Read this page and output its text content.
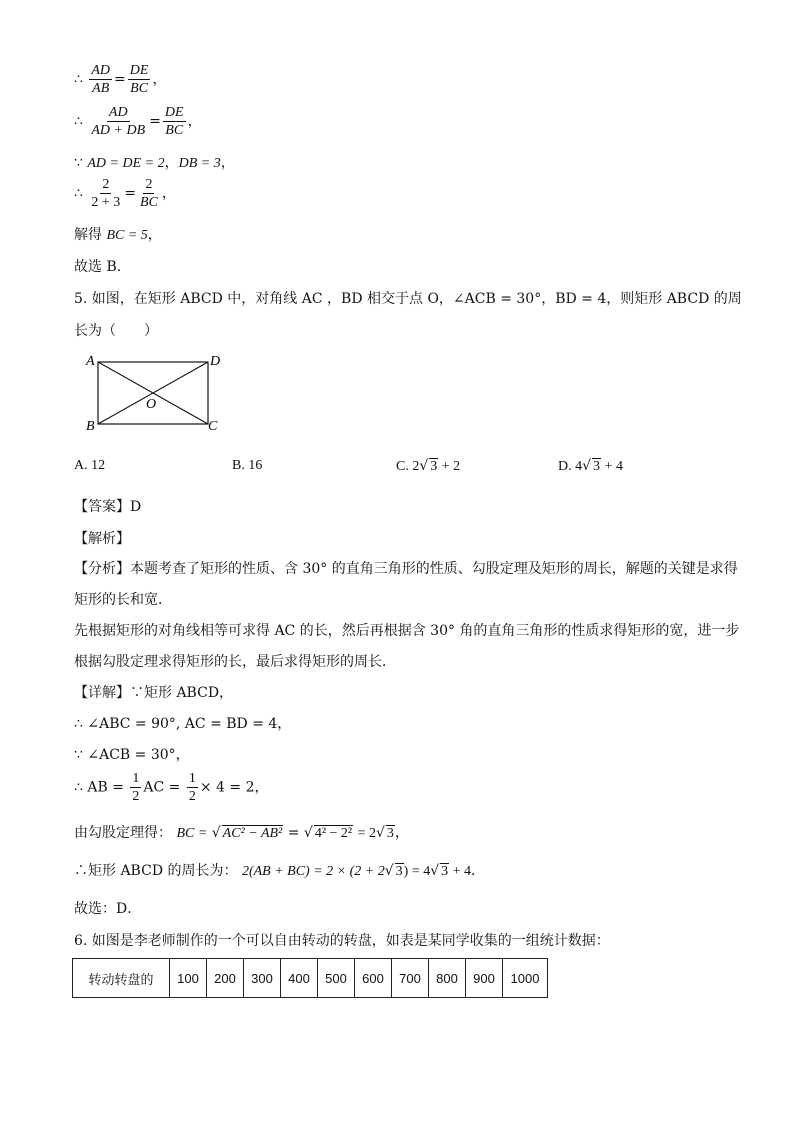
∴ $\frac{AD}{AB} = \frac{DE}{BC}$ ，
∴ $\frac{AD}{AD + DB} = \frac{DE}{BC}$ ，
∵ AD = DE = 2，DB = 3，
∴ $\frac{2}{2 + 3} = \frac{2}{BC}$ ，
解得 BC = 5，
故选 B．
5. 如图，在矩形 ABCD 中，对角线 AC ，BD 相交于点 O，∠ACB = 30°，BD = 4，则矩形 ABCD 的周
长为（　　）
A	D
B	C
O
A. 12	B. 16	C. 2√ 3 + 2	D. 4√ 3 + 4
【答案】D
【解析】
【分析】本题考查了矩形的性质、含 30° 的直角三角形的性质、勾股定理及矩形的周长，解题的关键是求得
矩形的长和宽．
先根据矩形的对角线相等可求得 AC 的长，然后再根据含 30° 角的直角三角形的性质求得矩形的宽，进一步
根据勾股定理求得矩形的长，最后求得矩形的周长．
【详解】∵矩形 ABCD，
∴ ∠ABC = 90°, AC = BD = 4，
∵ ∠ACB = 30°，
∴ AB = $\frac{1}{2}$ AC = $\frac{1}{2} \times 4 = 2$，
由勾股定理得： BC = √ AC² − AB² = √ 4² − 2² = 2√ 3，
∴矩形 ABCD 的周长为： 2(AB + BC) = 2 × (2 + 2√ 3) = 4√ 3 + 4．
故选：D．
6. 如图是李老师制作的一个可以自由转动的转盘，如表是某同学收集的一组统计数据：
转动转盘的	100	200	300	400	500	600	700	800	900	1000
